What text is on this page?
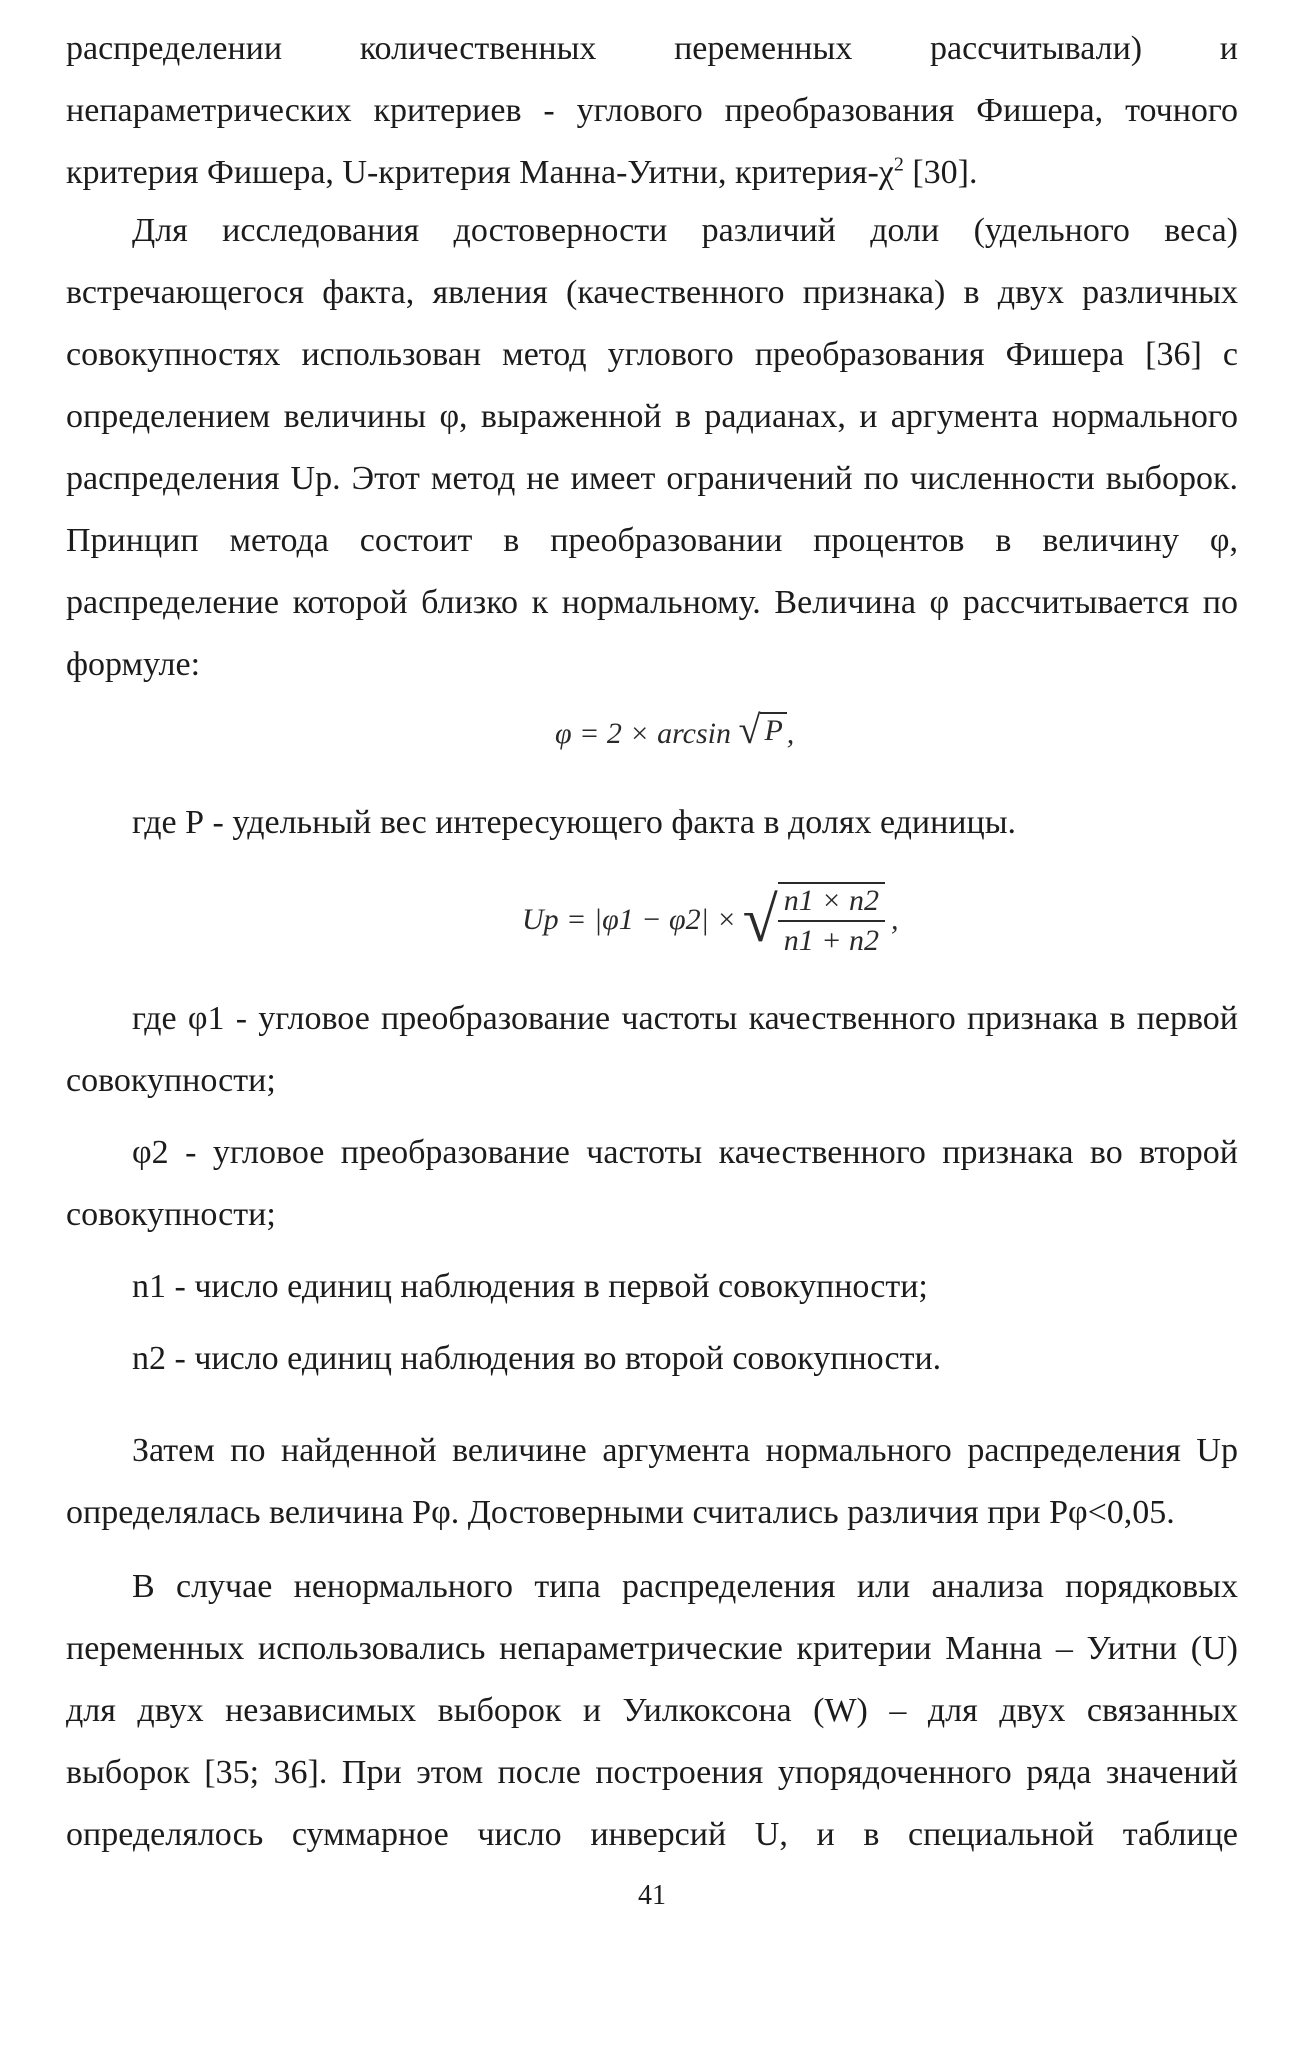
распределении количественных переменных рассчитывали) и

непараметрических критериев - углового преобразования Фишера, точного

критерия Фишера, U-критерия Манна-Уитни, критерия-$\chi^2$ [30].

Для исследования достоверности различий доли (удельного веса) встречающегося факта, явления (качественного признака) в двух различных совокупностях использован метод углового преобразования Фишера [36] с определением величины φ, выраженной в радианах, и аргумента нормального распределения Up. Этот метод не имеет ограничений по численности выборок. Принцип метода состоит в преобразовании процентов в величину φ, распределение которой близко к нормальному. Величина φ рассчитывается по формуле:

φ = 2 × arcsin √ P ,

где Р - удельный вес интересующего факта в долях единицы.

Up = |φ1 − φ2| × √ $\frac{n1 \times n2}{n1 + n2}$ ,

где φ1 - угловое преобразование частоты качественного признака в первой совокупности;

φ2 - угловое преобразование частоты качественного признака во второй совокупности;

n1 - число единиц наблюдения в первой совокупности;

n2 - число единиц наблюдения во второй совокупности.

Затем по найденной величине аргумента нормального распределения Up определялась величина Рφ. Достоверными считались различия при Рφ<0,05.

В случае ненормального типа распределения или анализа порядковых переменных использовались непараметрические критерии Манна – Уитни (U) для двух независимых выборок и Уилкоксона (W) – для двух связанных выборок [35; 36]. При этом после построения упорядоченного ряда значений определялось суммарное число инверсий U, и в специальной таблице

41
